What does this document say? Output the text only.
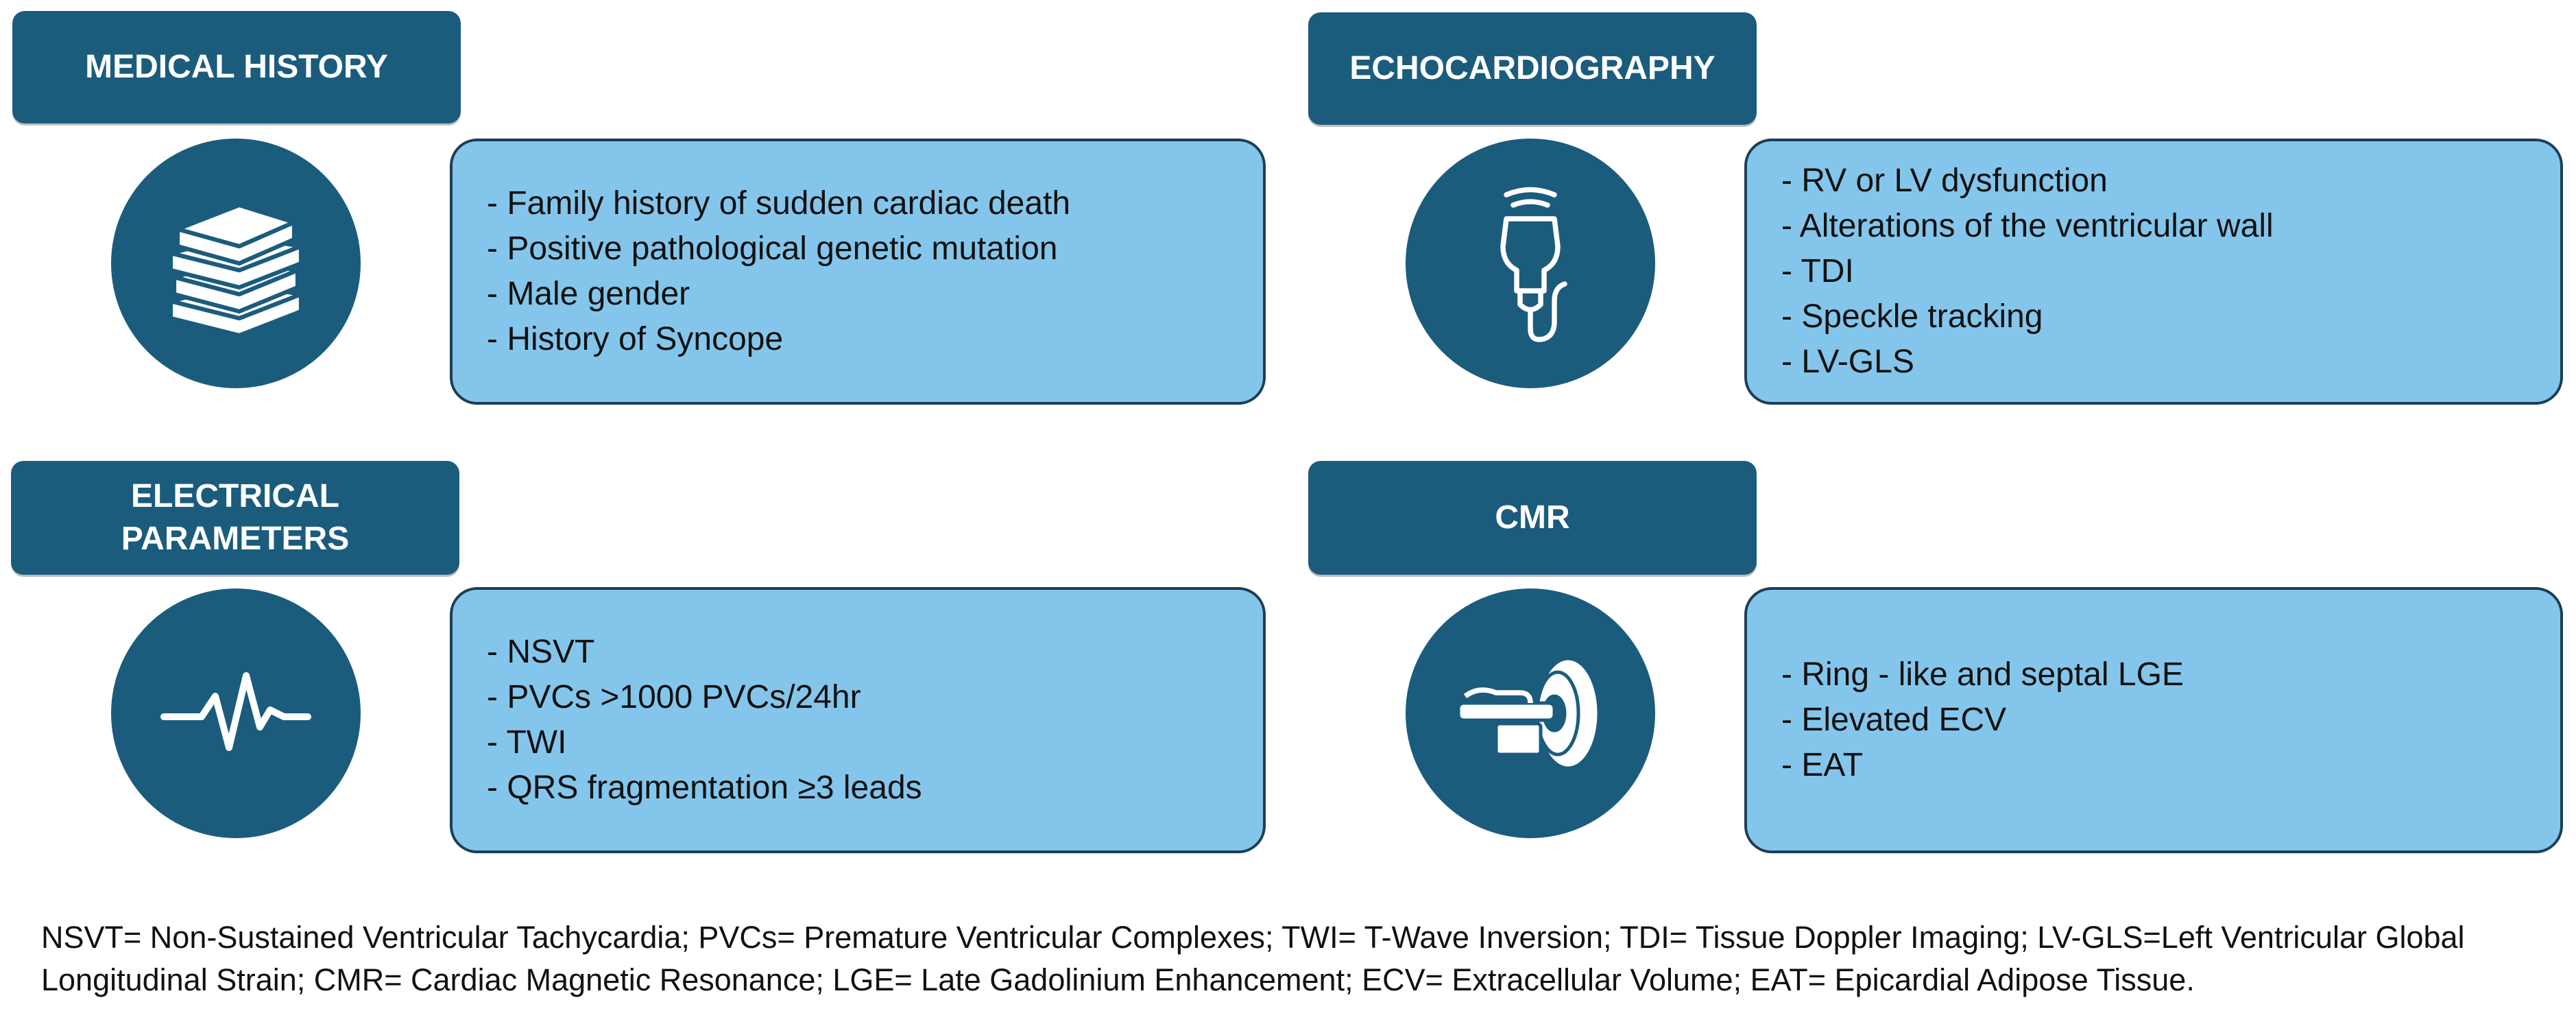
MEDICAL HISTORY
- Family history of sudden cardiac death
- Positive pathological genetic mutation
- Male gender
- History of Syncope
ECHOCARDIOGRAPHY
- RV or LV dysfunction
- Alterations of the ventricular wall
- TDI
- Speckle tracking
- LV-GLS
ELECTRICAL
PARAMETERS
- NSVT
- PVCs >1000 PVCs/24hr
- TWI
- QRS fragmentation ≥3 leads
CMR
- Ring - like and septal LGE
- Elevated ECV
- EAT
NSVT= Non-Sustained Ventricular Tachycardia; PVCs= Premature Ventricular Complexes; TWI= T-Wave Inversion; TDI= Tissue Doppler Imaging; LV-GLS=Left Ventricular Global Longitudinal Strain; CMR= Cardiac Magnetic Resonance; LGE= Late Gadolinium Enhancement; ECV= Extracellular Volume; EAT= Epicardial Adipose Tissue.
